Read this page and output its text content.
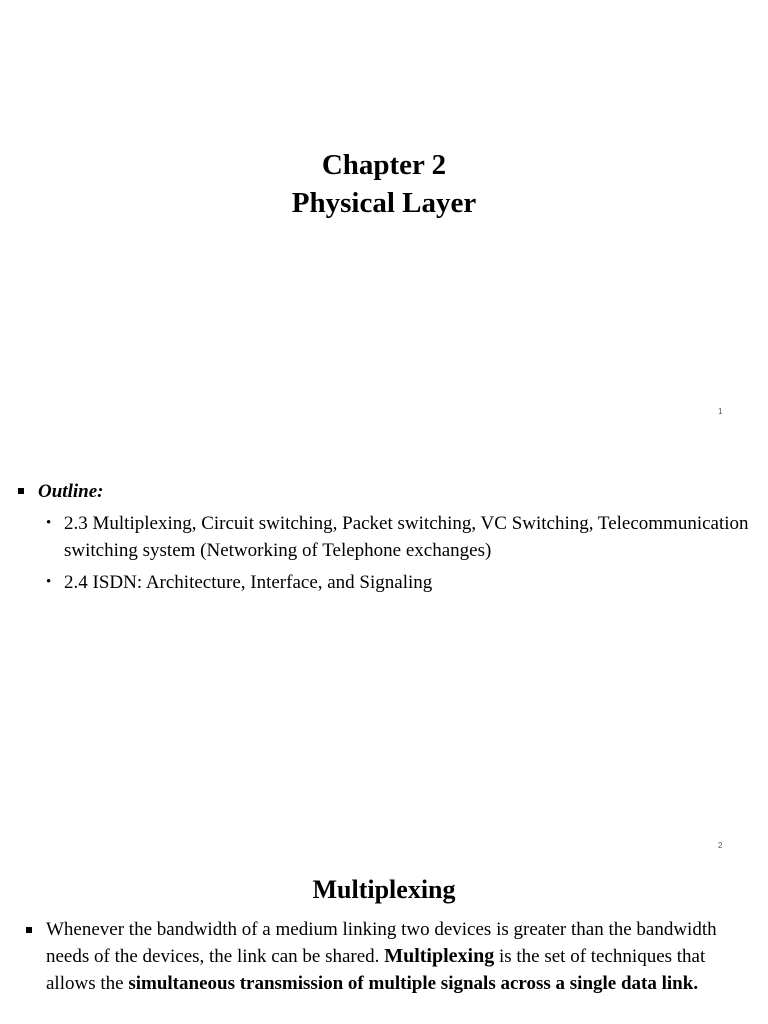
Chapter 2
Physical Layer
1
Outline:
• 2.3 Multiplexing, Circuit switching, Packet switching, VC Switching, Telecommunication switching system (Networking of Telephone exchanges)
• 2.4 ISDN: Architecture, Interface, and Signaling
2
Multiplexing
Whenever the bandwidth of a medium linking two devices is greater than the bandwidth needs of the devices, the link can be shared. Multiplexing is the set of techniques that allows the simultaneous transmission of multiple signals across a single data link.
